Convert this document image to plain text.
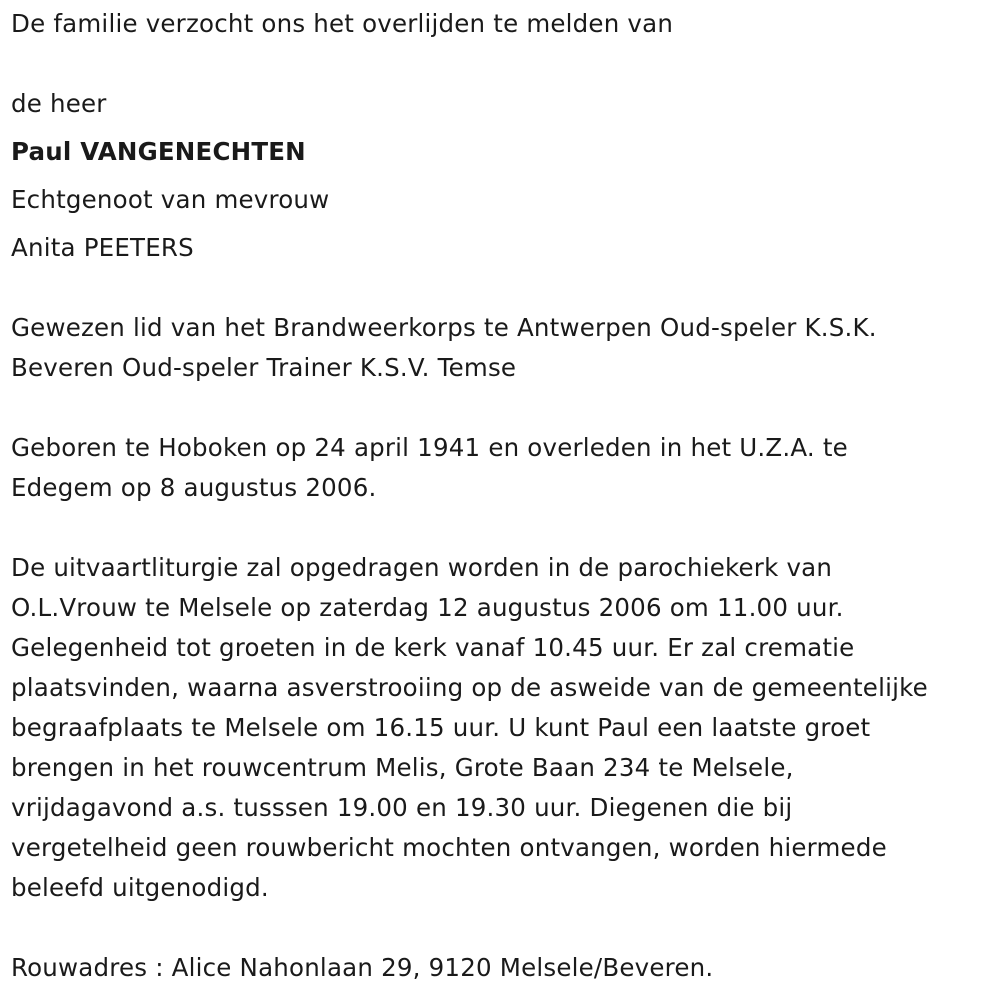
De familie verzocht ons het overlijden te melden van
de heer
Paul VANGENECHTEN
Echtgenoot van mevrouw
Anita PEETERS
Gewezen lid van het Brandweerkorps te Antwerpen Oud-speler K.S.K.
Beveren Oud-speler Trainer K.S.V. Temse
Geboren te Hoboken op 24 april 1941 en overleden in het U.Z.A. te
Edegem op 8 augustus 2006.
De uitvaartliturgie zal opgedragen worden in de parochiekerk van
O.L.Vrouw te Melsele op zaterdag 12 augustus 2006 om 11.00 uur.
Gelegenheid tot groeten in de kerk vanaf 10.45 uur. Er zal crematie
plaatsvinden, waarna asverstrooiing op de asweide van de gemeentelijke
begraafplaats te Melsele om 16.15 uur. U kunt Paul een laatste groet
brengen in het rouwcentrum Melis, Grote Baan 234 te Melsele,
vrijdagavond a.s. tusssen 19.00 en 19.30 uur. Diegenen die bij
vergetelheid geen rouwbericht mochten ontvangen, worden hiermede
beleefd uitgenodigd.
Rouwadres : Alice Nahonlaan 29, 9120 Melsele/Beveren.
